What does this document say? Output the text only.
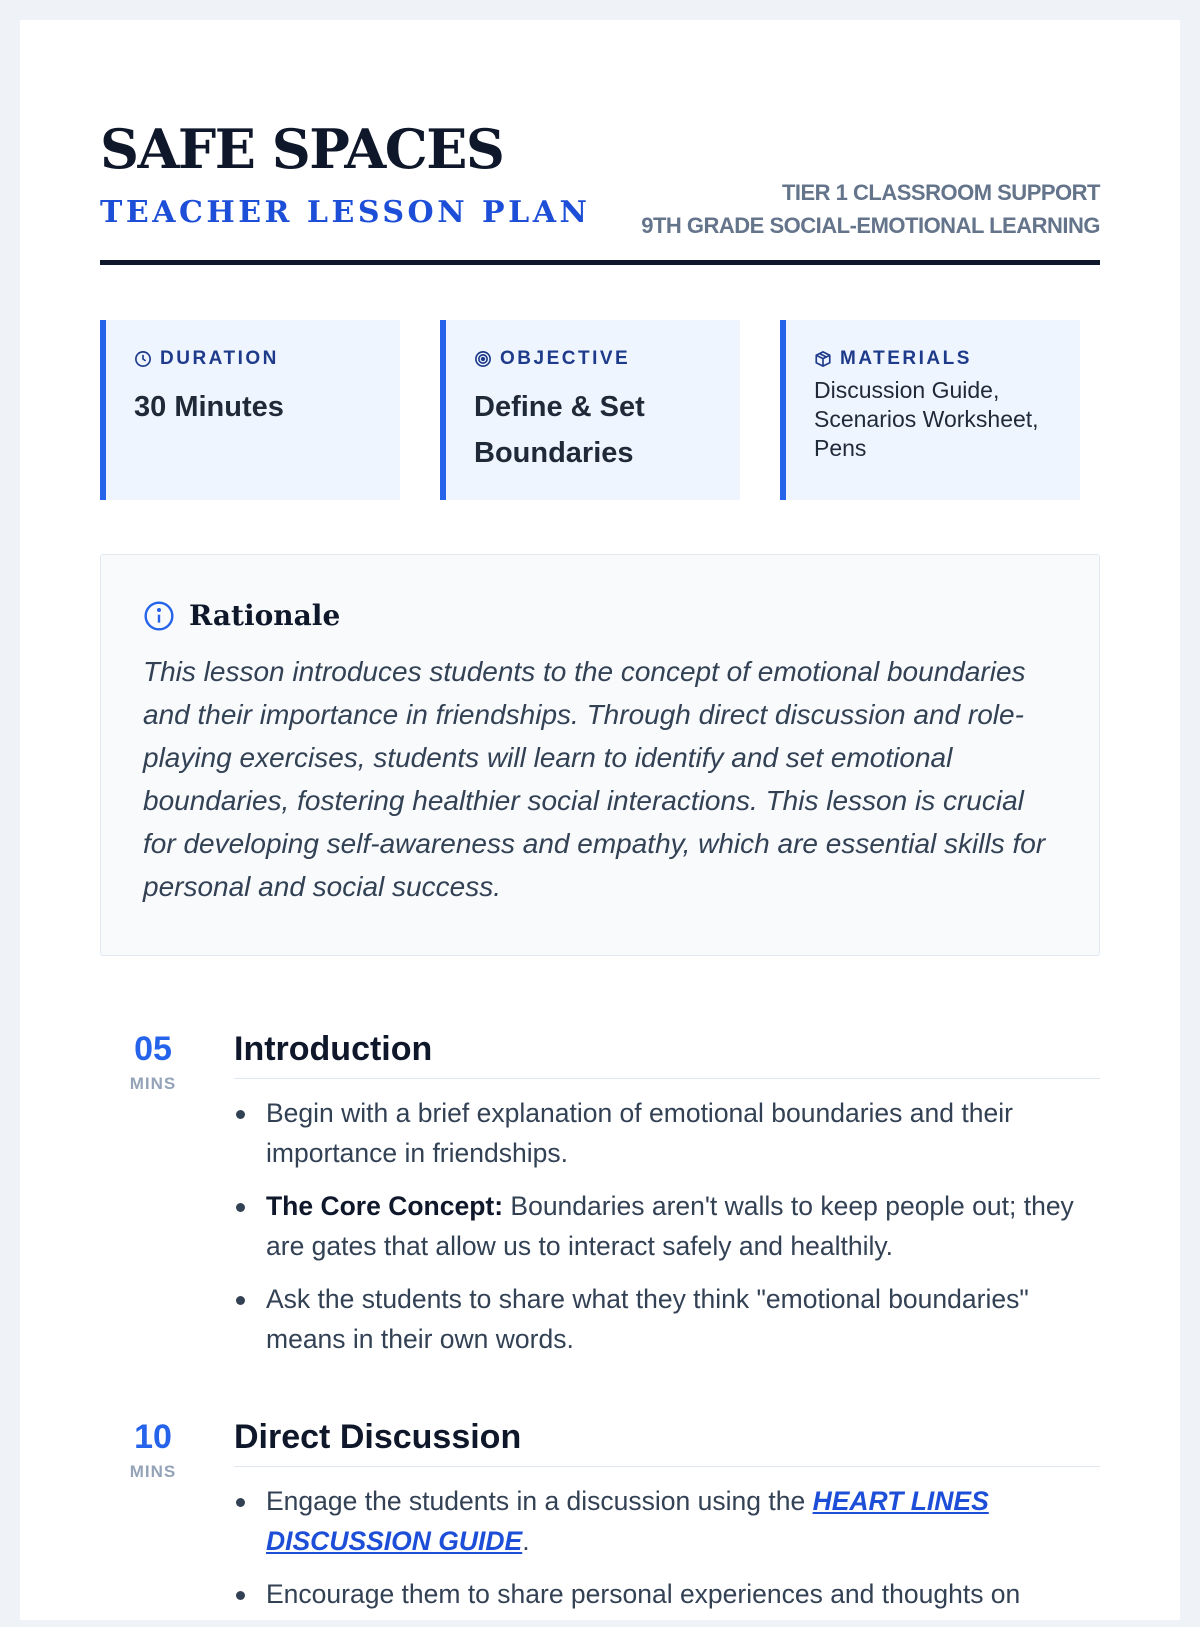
SAFE SPACES
TEACHER LESSON PLAN
TIER 1 CLASSROOM SUPPORT
9TH GRADE SOCIAL-EMOTIONAL LEARNING
DURATION
30 Minutes
OBJECTIVE
Define & Set Boundaries
MATERIALS
Discussion Guide, Scenarios Worksheet, Pens
Rationale
This lesson introduces students to the concept of emotional boundaries and their importance in friendships. Through direct discussion and role-playing exercises, students will learn to identify and set emotional boundaries, fostering healthier social interactions. This lesson is crucial for developing self-awareness and empathy, which are essential skills for personal and social success.
05
MINS
Introduction
Begin with a brief explanation of emotional boundaries and their importance in friendships.
The Core Concept: Boundaries aren't walls to keep people out; they are gates that allow us to interact safely and healthily.
Ask the students to share what they think "emotional boundaries" means in their own words.
10
MINS
Direct Discussion
Engage the students in a discussion using the HEART LINES DISCUSSION GUIDE.
Encourage them to share personal experiences and thoughts on
